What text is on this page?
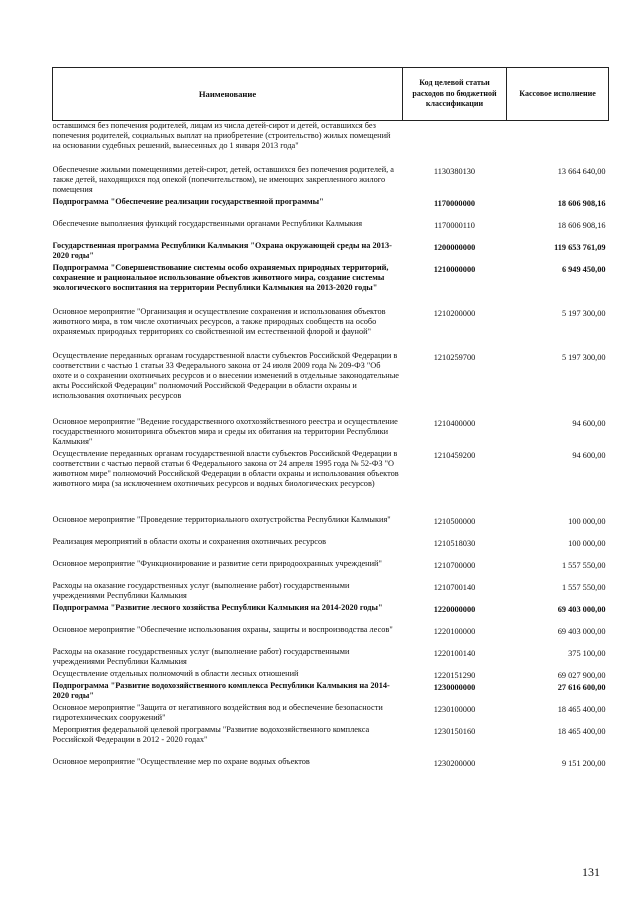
Наименование	Код целевой статьи расходов по бюджетной классификации	Кассовое исполнение
оставшимся без попечения родителей, лицам из числа детей-сирот и детей, оставшихся без попечения родителей, социальных выплат на приобретение (строительство) жилых помещений на основании судебных решений, вынесенных до 1 января 2013 года"		
Обеспечение жилыми помещениями детей-сирот, детей, оставшихся без попечения родителей, а также детей, находящихся под опекой (попечительством), не имеющих закрепленного жилого помещения	1130380130	13 664 640,00
Подпрограмма "Обеспечение реализации государственной программы"	1170000000	18 606 908,16
Обеспечение выполнения функций государственными органами Республики Калмыкия	1170000110	18 606 908,16
Государственная программа Республики Калмыкия "Охрана окружающей среды на 2013-2020 годы"	1200000000	119 653 761,09
Подпрограмма "Совершенствование системы особо охраняемых природных территорий, сохранение и рациональное использование объектов животного мира, создание системы экологического воспитания на территории Республики Калмыкия на 2013-2020 годы"	1210000000	6 949 450,00
Основное мероприятие "Организация и осуществление сохранения и использования объектов животного мира, в том числе охотничьих ресурсов, а также природных сообществ на особо охраняемых природных территориях со свойственной им естественной флорой и фауной"	1210200000	5 197 300,00
Осуществление переданных органам государственной власти субъектов Российской Федерации в соответствии с частью 1 статьи 33 Федерального закона от 24 июля 2009 года № 209-ФЗ "Об охоте и о сохранении охотничьих ресурсов и о внесении изменений в отдельные законодательные акты Российской Федерации" полномочий Российской Федерации в области охраны и использования охотничьих ресурсов	1210259700	5 197 300,00
Основное мероприятие "Ведение государственного охотхозяйственного реестра и осуществление государственного мониторинга объектов мира и среды их обитания на территории Республики Калмыкия"	1210400000	94 600,00
Осуществление переданных органам государственной власти субъектов Российской Федерации в соответствии с частью первой статьи 6 Федерального закона от 24 апреля 1995 года № 52-ФЗ "О животном мире" полномочий Российской Федерации в области охраны и использования объектов животного мира (за исключением охотничьих ресурсов и водных биологических ресурсов)	1210459200	94 600,00
Основное мероприятие "Проведение территориального охотустройства Республики Калмыкия"	1210500000	100 000,00
Реализация мероприятий в области охоты и сохранения охотничьих ресурсов	1210518030	100 000,00
Основное мероприятие "Функционирование и развитие сети природоохранных учреждений"	1210700000	1 557 550,00
Расходы на оказание государственных услуг (выполнение работ) государственными учреждениями Республики Калмыкия	1210700140	1 557 550,00
Подпрограмма "Развитие лесного хозяйства Республики Калмыкия на 2014-2020 годы"	1220000000	69 403 000,00
Основное мероприятие "Обеспечение использования охраны, защиты и воспроизводства лесов"	1220100000	69 403 000,00
Расходы на оказание государственных услуг (выполнение работ) государственными учреждениями Республики Калмыкия	1220100140	375 100,00
Осуществление отдельных полномочий в области лесных отношений	1220151290	69 027 900,00
Подпрограмма "Развитие водохозяйственного комплекса Республики Калмыкия на 2014-2020 годы"	1230000000	27 616 600,00
Основное мероприятие "Защита от негативного воздействия вод и обеспечение безопасности гидротехнических сооружений"	1230100000	18 465 400,00
Мероприятия федеральной целевой программы "Развитие водохозяйственного комплекса Российской Федерации в 2012 - 2020 годах"	1230150160	18 465 400,00
Основное мероприятие "Осуществление мер по охране водных объектов	1230200000	9 151 200,00
131
